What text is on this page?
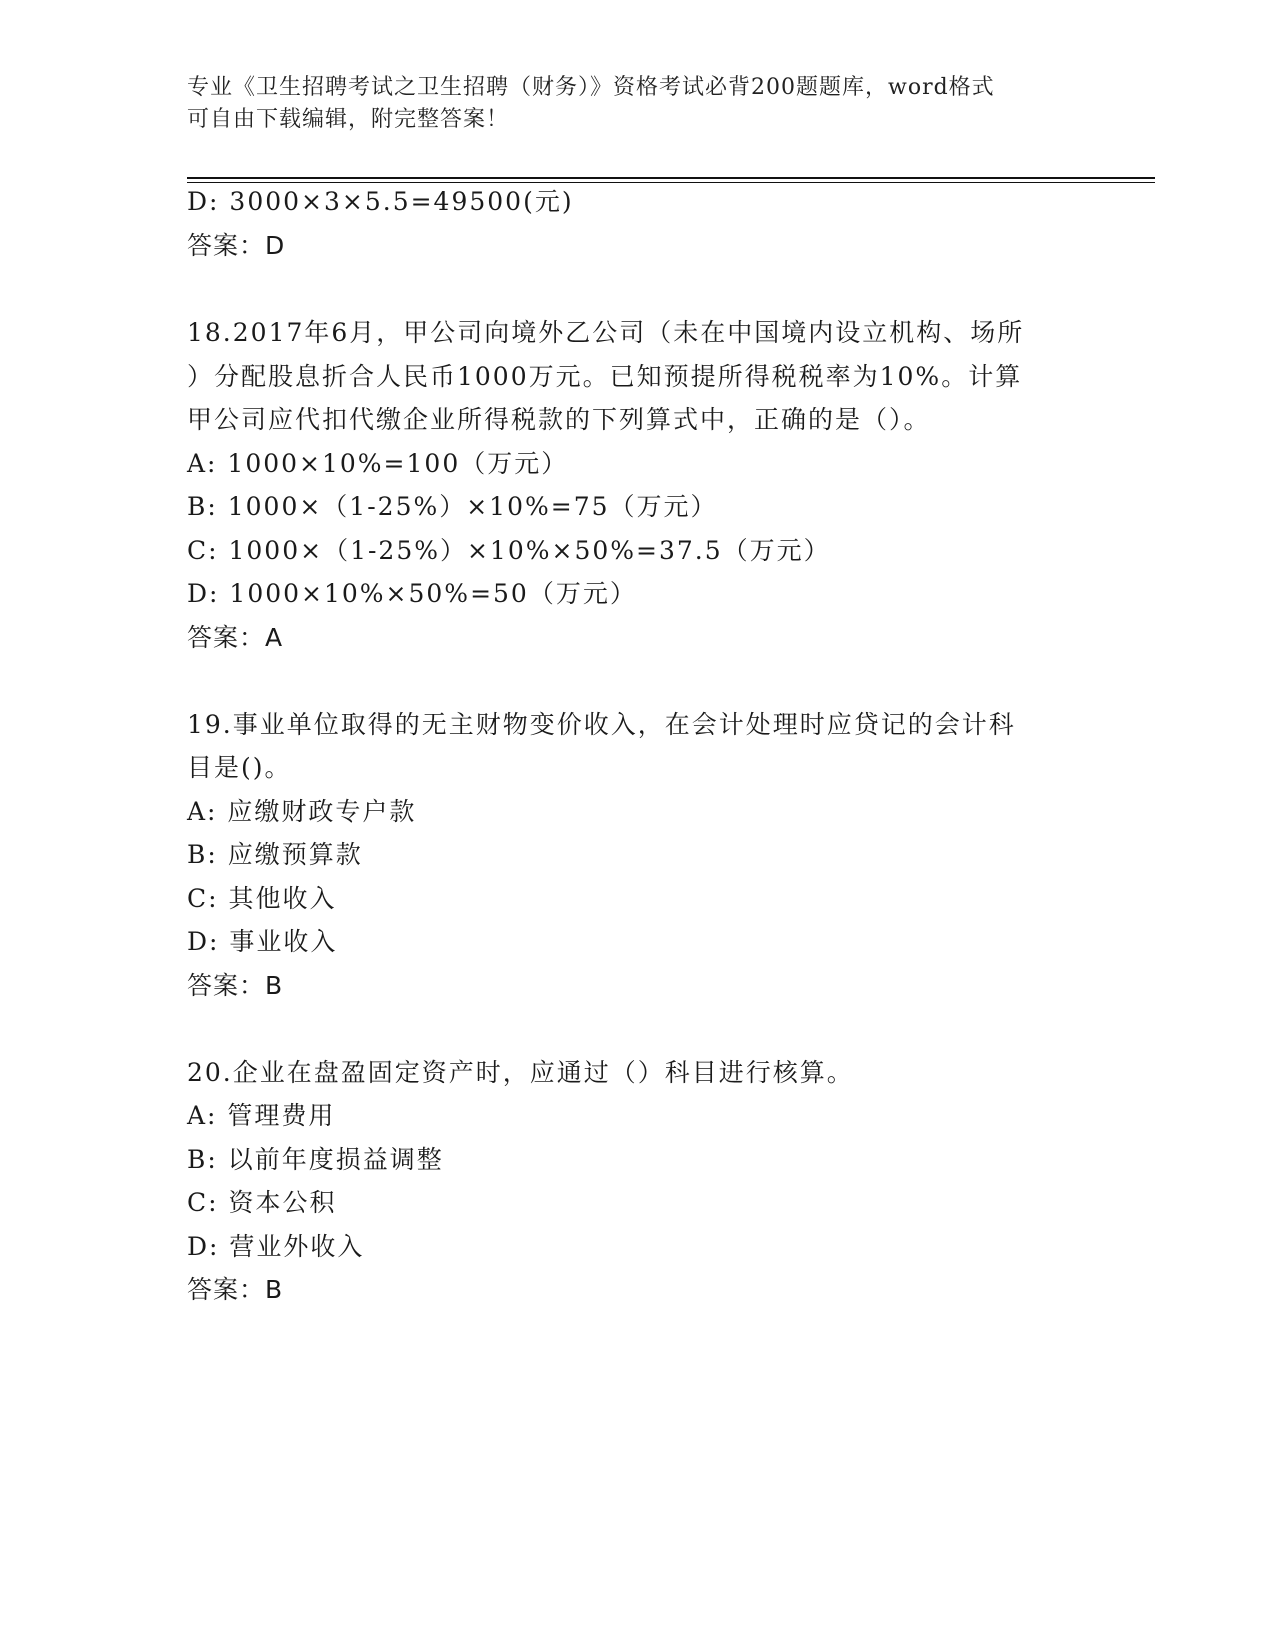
专业《卫生招聘考试之卫生招聘（财务）》资格考试必背200题题库，word格式
可自由下载编辑，附完整答案！
D: 3000×3×5.5=49500(元)
答案：D
18.2017年6月，甲公司向境外乙公司（未在中国境内设立机构、场所
）分配股息折合人民币1000万元。已知预提所得税税率为10%。计算
甲公司应代扣代缴企业所得税款的下列算式中，正确的是（）。
A: 1000×10%=100（万元）
B: 1000×（1-25%）×10%=75（万元）
C: 1000×（1-25%）×10%×50%=37.5（万元）
D: 1000×10%×50%=50（万元）
答案：A
19.事业单位取得的无主财物变价收入，在会计处理时应贷记的会计科
目是()。
A: 应缴财政专户款
B: 应缴预算款
C: 其他收入
D: 事业收入
答案：B
20.企业在盘盈固定资产时，应通过（）科目进行核算。
A: 管理费用
B: 以前年度损益调整
C: 资本公积
D: 营业外收入
答案：B
